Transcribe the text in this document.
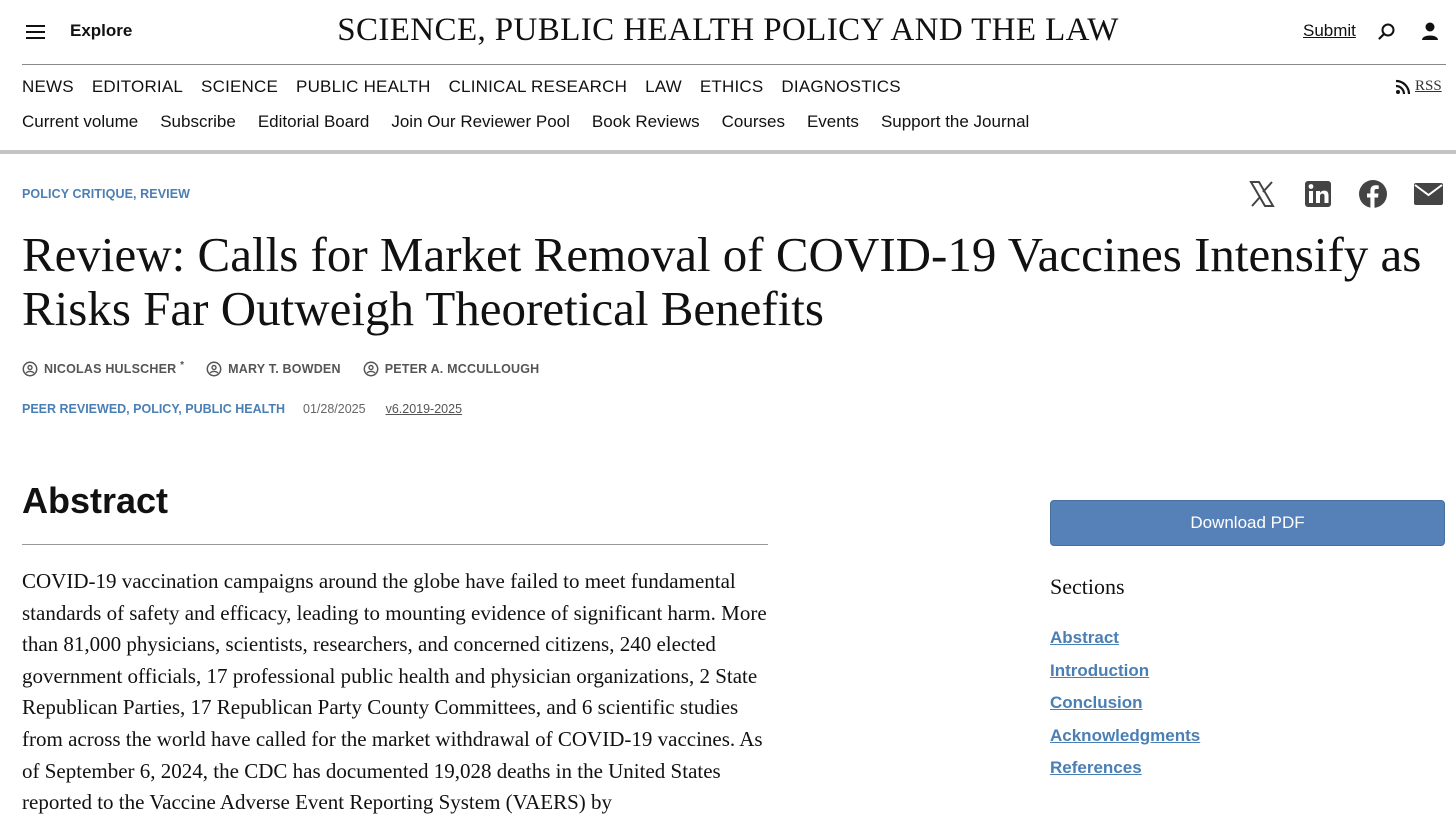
Explore	SCIENCE, PUBLIC HEALTH POLICY AND THE LAW	Submit
NEWS EDITORIAL SCIENCE PUBLIC HEALTH CLINICAL RESEARCH LAW ETHICS DIAGNOSTICS	RSS
Current volume Subscribe Editorial Board Join Our Reviewer Pool Book Reviews Courses Events Support the Journal
POLICY CRITIQUE, REVIEW
Review: Calls for Market Removal of COVID-19 Vaccines Intensify as Risks Far Outweigh Theoretical Benefits
NICOLAS HULSCHER *	MARY T. BOWDEN	PETER A. MCCULLOUGH
PEER REVIEWED, POLICY, PUBLIC HEALTH 01/28/2025 v6.2019-2025
Abstract

COVID-19 vaccination campaigns around the globe have failed to meet fundamental standards of safety and efficacy, leading to mounting evidence of significant harm. More than 81,000 physicians, scientists, researchers, and concerned citizens, 240 elected government officials, 17 professional public health and physician organizations, 2 State Republican Parties, 17 Republican Party County Committees, and 6 scientific studies from across the world have called for the market withdrawal of COVID-19 vaccines. As of September 6, 2024, the CDC has documented 19,028 deaths in the United States reported to the Vaccine Adverse Event Reporting System (VAERS) by

Download PDF
Sections
Abstract
Introduction
Conclusion
Acknowledgments
References
